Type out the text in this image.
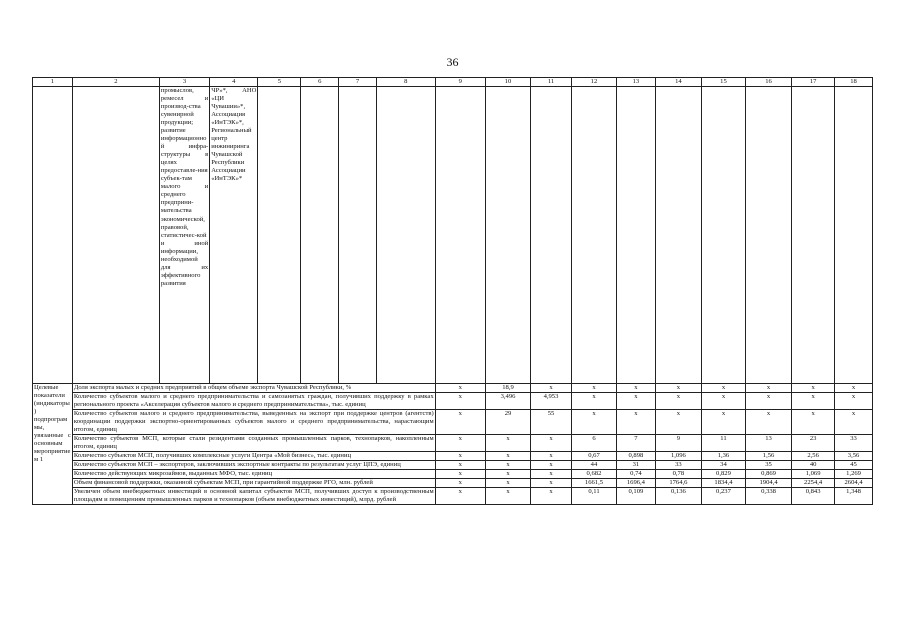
36
1	2	3	4	5	6	7	8	9	10	11	12	13	14	15	16	17	18
		промыслов, ремесел и производ-ства сувенирной продукции; развитие информационной инфра-структуры в целях предоставле-ния субъек-там малого и среднего предприни-мательства экономической, правовой, статистичес-кой и иной информации, необходимой для их эффективного развития	ЧР»*, АНО «ЦИ Чувашии»*, Ассоциация «ИнТЭК»*, Региональный центр инжиниринга Чувашской Республики Ассоциации «ИнТЭК»*														
Целевые показатели (индикаторы) подпрограммы, увязанные с основным мероприятием 1	Доля экспорта малых и средних предприятий в общем объеме экспорта Чувашской Республики, %							x	18,9	x	x	x	x	x	x	x	x
	Количество субъектов малого и среднего предпринимательства и самозанятых граждан, получивших поддержку в рамках регионального проекта «Акселерация субъектов малого и среднего предпринимательства», тыс. единиц							x	3,496	4,953	x	x	x	x	x	x	x
	Количество субъектов малого и среднего предпринимательства, выведенных на экспорт при поддержке центров (агентств) координации поддержки экспортно-ориентированных субъектов малого и среднего предпринимательства, нарастающим итогом, единиц							x	29	55	x	x	x	x	x	x	x
	Количество субъектов МСП, которые стали резидентами созданных промышленных парков, технопарков, накопленным итогом, единиц							x	x	x	6	7	9	11	13	23	33
	Количество субъектов МСП, получивших комплексные услуги Центра «Мой бизнес», тыс. единиц							x	x	x	0,67	0,898	1,096	1,36	1,56	2,56	3,56
	Количество субъектов МСП – экспортеров, заключивших экспортные контракты по результатам услуг ЦПЭ, единиц							x	x	x	44	31	33	34	35	40	45
	Количество действующих микрозаймов, выданных МФО, тыс. единиц							x	x	x	0,682	0,74	0,78	0,829	0,869	1,069	1,269
	Объем финансовой поддержки, оказанной субъектам МСП, при гарантийной поддержке РГО, млн. рублей							x	x	x	1661,5	1696,4	1764,6	1834,4	1904,4	2254,4	2604,4
	Увеличен объем внебюджетных инвестиций в основной капитал субъектов МСП, получивших доступ к производственным площадям и помещениям промышленных парков и технопарков (объем внебюджетных инвестиций), млрд. рублей							x	x	x	0,11	0,109	0,136	0,237	0,338	0,843	1,348
